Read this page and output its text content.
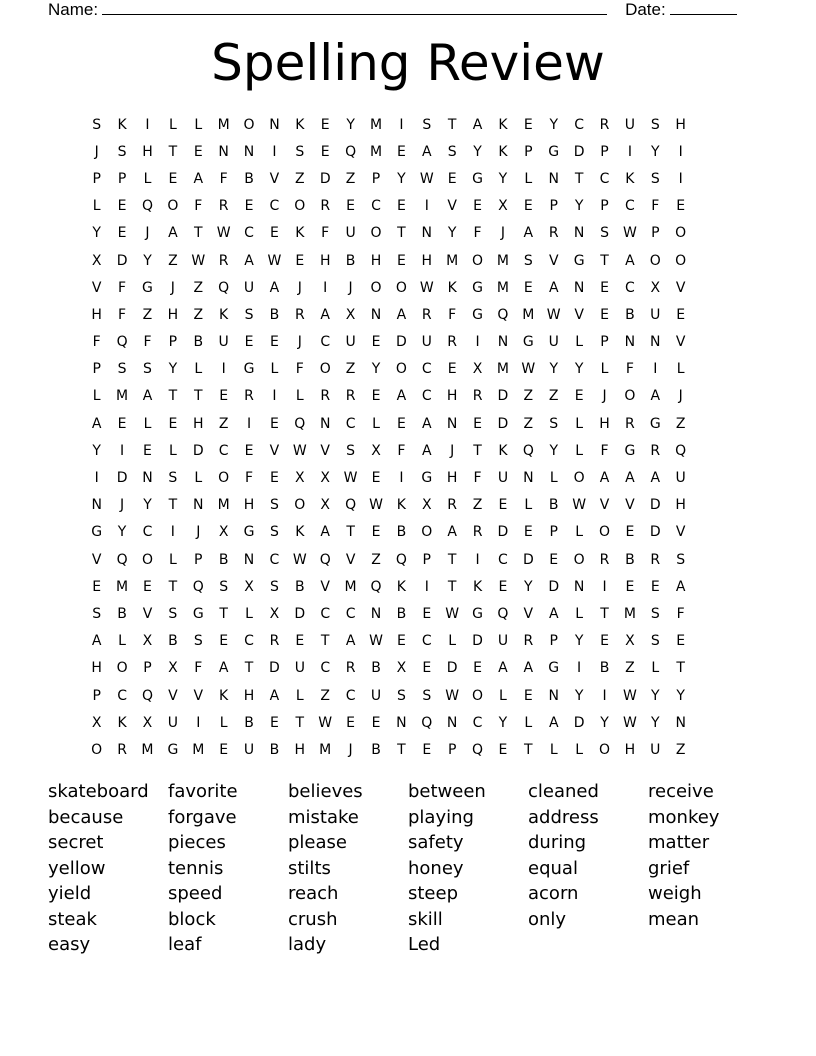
Name:	Date:
Spelling Review
S	K	I	L	L	M O	N	K	E	Y	M	I	S	T	A	K	E	Y	C	R	U	S	H
J	S	H	T	E	N	N	I	S	E	Q M	E	A	S	Y	K	P	G	D	P	I	Y	I
P	P	L	E	A	F	B	V	Z	D	Z	P	Y	W	E	G	Y	L	N	T	C	K	S	I
L	E	Q	O	F	R	E	C	O	R	E	C	E	I	V	E	X	E	P	Y	P	C	F	E
Y	E	J	A	T	W C	E	K	F	U	O	T	N	Y	F	J	A	R	N	S	W	P	O
X	D	Y	Z W R	A W	E	H	B	H	E	H	M O M	S	V	G	T	A	O	O
V	F	G	J	Z	Q	U	A	J	I	J	O	O W K	G M	E	A	N	E	C	X	V
H	F	Z	H	Z	K	S	B	R	A	X	N	A	R	F	G	Q M W V	E	B	U	E
F	Q	F	P	B	U	E	E	J	C	U	E	D	U	R	I	N	G	U	L	P	N	N	V
P	S	S	Y	L	I	G	L	F	O	Z	Y	O	C	E	X	M W	Y	Y	L	F	I	L
L	M	A	T	T	E	R	I	L	R	R	E	A	C	H	R	D	Z	Z	E	J	O	A	J
A	E	L	E	H	Z	I	E	Q	N	C	L	E	A	N	E	D	Z	S	L	H	R	G	Z
Y	I	E	L	D	C	E	V W V	S	X	F	A	J	T	K	Q	Y	L	F	G	R	Q
I	D	N	S	L	O	F	E	X	X W	E	I	G	H	F	U	N	L	O	A	A	A	U
N	J	Y	T	N	M	H	S	O	X	Q W K	X	R	Z	E	L	B W V	V	D	H
G	Y	C	I	J	X	G	S	K	A	T	E	B	O	A	R	D	E	P	L	O	E	D	V
V	Q	O	L	P	B	N	C W Q	V	Z	Q	P	T	I	C	D	E	O	R	B	R	S
E	M	E	T	Q	S	X	S	B	V	M Q	K	I	T	K	E	Y	D	N	I	E	E	A
S	B	V	S	G	T	L	X	D	C	C	N	B	E	W G	Q	V	A	L	T	M	S	F
A	L	X	B	S	E	C	R	E	T	A W	E	C	L	D	U	R	P	Y	E	X	S	E
H	O	P	X	F	A	T	D	U	C	R	B	X	E	D	E	A	A	G	I	B	Z	L	T
P	C	Q	V	V	K	H	A	L	Z	C	U	S	S	W O	L	E	N	Y	I	W	Y	Y
X	K	X	U	I	L	B	E	T	W	E	E	N	Q	N	C	Y	L	A	D	Y	W	Y	N
O	R	M G M	E	U	B	H	M	J	B	T	E	P	Q	E	T	L	L	O	H	U	Z
skateboard
because
secret
yellow
yield
steak
easy
favorite
forgave
pieces
tennis
speed
block
leaf
believes
mistake
please
stilts
reach
crush
lady
between
playing
safety
honey
steep
skill
Led
cleaned
address
during
equal
acorn
only
receive
monkey
matter
grief
weigh
mean
